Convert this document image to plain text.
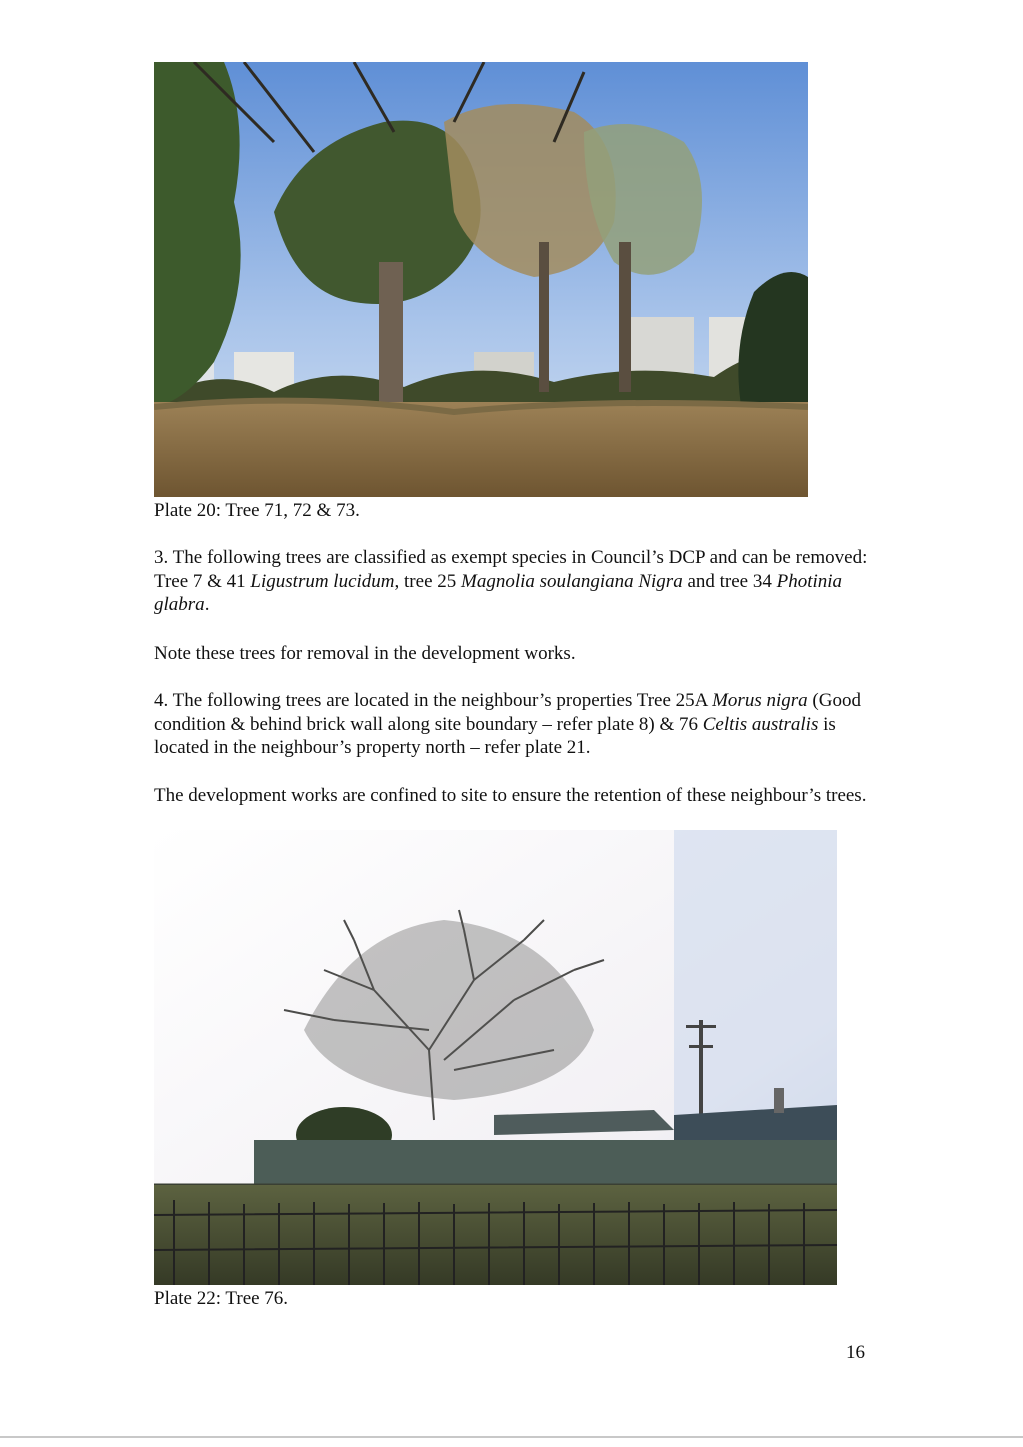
Plate 20: Tree 71, 72 & 73.
3. The following trees are classified as exempt species in Council’s DCP and can be removed: Tree 7 & 41 Ligustrum lucidum, tree 25 Magnolia soulangiana Nigra and tree 34 Photinia glabra.
Note these trees for removal in the development works.
4. The following trees are located in the neighbour’s properties Tree 25A Morus nigra (Good condition & behind brick wall along site boundary – refer plate 8) & 76 Celtis australis is located in the neighbour’s property north – refer plate 21.
The development works are confined to site to ensure the retention of these neighbour’s trees.
Plate 22: Tree 76.
16
